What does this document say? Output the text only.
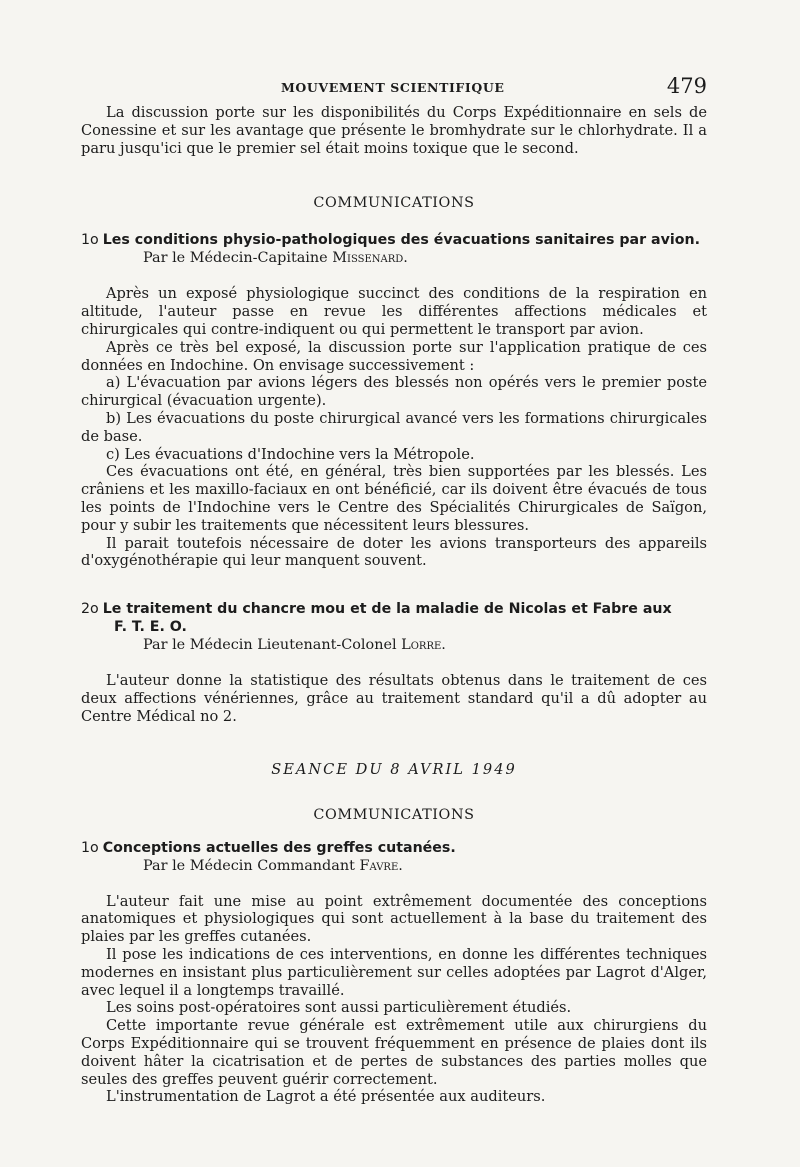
MOUVEMENT SCIENTIFIQUE	479

La discussion porte sur les disponibilités du Corps Expéditionnaire en sels de Conessine et sur les avantage que présente le bromhydrate sur le chlorhydrate. Il a paru jusqu'ici que le premier sel était moins toxique que le second.

COMMUNICATIONS
1o Les conditions physio-pathologiques des évacuations sanitaires par avion.
Par le Médecin-Capitaine Missenard.

Après un exposé physiologique succinct des conditions de la respiration en altitude, l'auteur passe en revue les différentes affections médicales et chirurgicales qui contre-indiquent ou qui permettent le transport par avion.

Après ce très bel exposé, la discussion porte sur l'application pratique de ces données en Indochine. On envisage successivement :

a) L'évacuation par avions légers des blessés non opérés vers le premier poste chirurgical (évacuation urgente).

b) Les évacuations du poste chirurgical avancé vers les formations chirurgicales de base.

c) Les évacuations d'Indochine vers la Métropole.

Ces évacuations ont été, en général, très bien supportées par les blessés. Les crâniens et les maxillo-faciaux en ont bénéficié, car ils doivent être évacués de tous les points de l'Indochine vers le Centre des Spécialités Chirurgicales de Saïgon, pour y subir les traitements que nécessitent leurs blessures.

Il parait toutefois nécessaire de doter les avions transporteurs des appareils d'oxygénothérapie qui leur manquent souvent.

2o Le traitement du chancre mou et de la maladie de Nicolas et Fabre aux
F. T. E. O.
Par le Médecin Lieutenant-Colonel Lorre.

L'auteur donne la statistique des résultats obtenus dans le traitement de ces deux affections vénériennes, grâce au traitement standard qu'il a dû adopter au Centre Médical no 2.

SEANCE DU 8 AVRIL 1949
COMMUNICATIONS
1o Conceptions actuelles des greffes cutanées.
Par le Médecin Commandant Favre.

L'auteur fait une mise au point extrêmement documentée des conceptions anatomiques et physiologiques qui sont actuellement à la base du traitement des plaies par les greffes cutanées.

Il pose les indications de ces interventions, en donne les différentes techniques modernes en insistant plus particulièrement sur celles adoptées par Lagrot d'Alger, avec lequel il a longtemps travaillé.

Les soins post-opératoires sont aussi particulièrement étudiés.

Cette importante revue générale est extrêmement utile aux chirurgiens du Corps Expéditionnaire qui se trouvent fréquemment en présence de plaies dont ils doivent hâter la cicatrisation et de pertes de substances des parties molles que seules des greffes peuvent guérir correctement.

L'instrumentation de Lagrot a été présentée aux auditeurs.
